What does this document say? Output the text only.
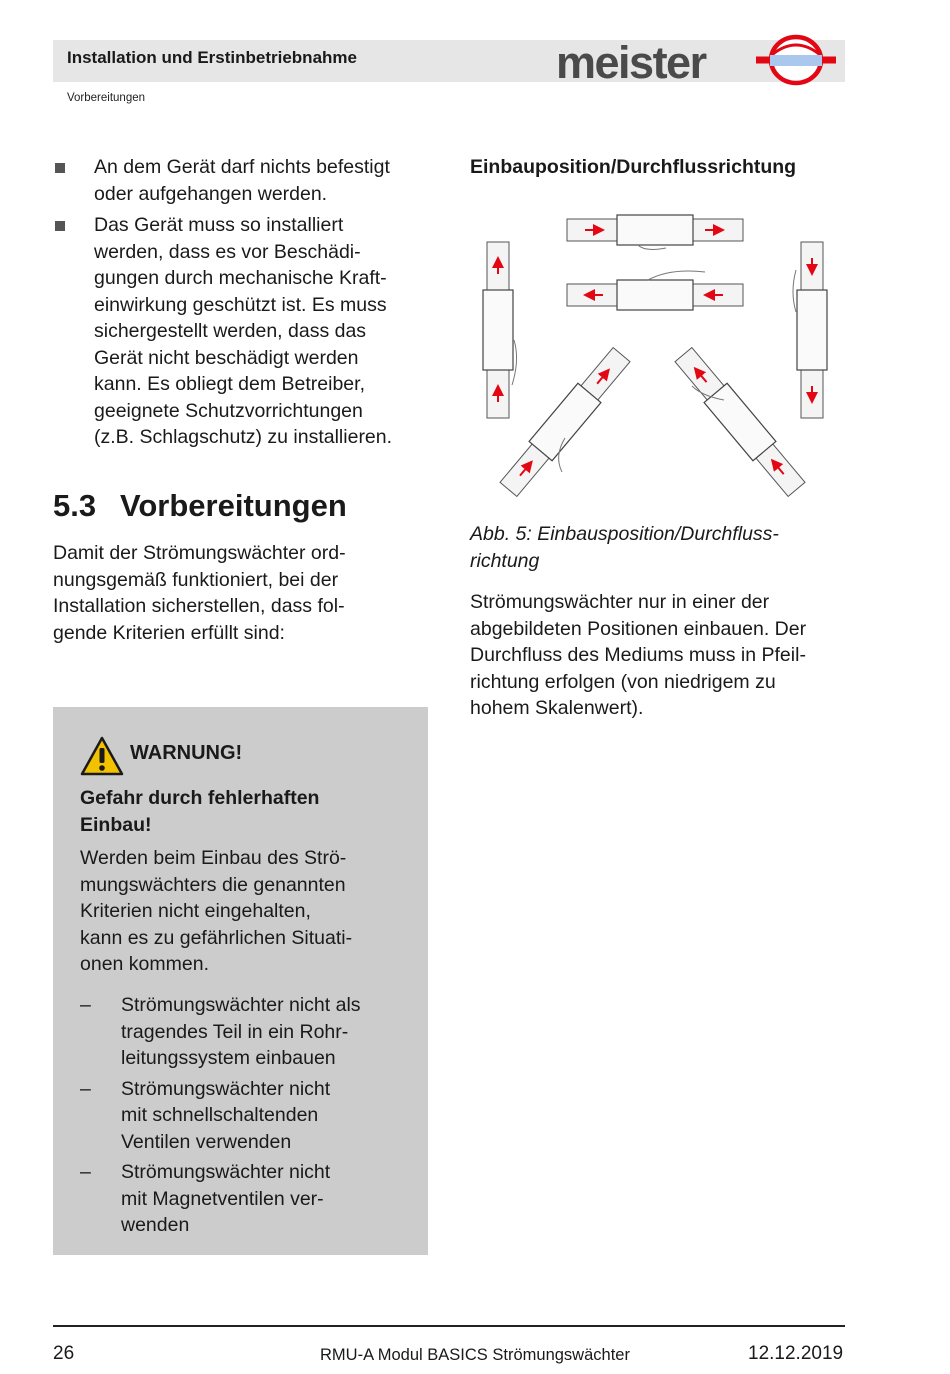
Installation und Erstinbetriebnahme
Vorbereitungen
meister
An dem Gerät darf nichts befestigt
oder aufgehangen werden.
Das Gerät muss so installiert
werden, dass es vor Beschädi-
gungen durch mechanische Kraft-
einwirkung geschützt ist. Es muss
sichergestellt werden, dass das
Gerät nicht beschädigt werden
kann. Es obliegt dem Betreiber,
geeignete Schutzvorrichtungen
(z.B. Schlagschutz) zu installieren.
5.3 Vorbereitungen
Damit der Strömungswächter ord-
nungsgemäß funktioniert, bei der
Installation sicherstellen, dass fol-
gende Kriterien erfüllt sind:
WARNUNG!
Gefahr durch fehlerhaften
Einbau!
Werden beim Einbau des Strö-
mungswächters die genannten
Kriterien nicht eingehalten,
kann es zu gefährlichen Situati-
onen kommen.
– Strömungswächter nicht als
tragendes Teil in ein Rohr-
leitungssystem einbauen
– Strömungswächter nicht
mit schnellschaltenden
Ventilen verwenden
– Strömungswächter nicht
mit Magnetventilen ver-
wenden
Einbauposition/Durchflussrichtung
Abb. 5: Einbausposition/Durchfluss-
richtung
Strömungswächter nur in einer der
abgebildeten Positionen einbauen. Der
Durchfluss des Mediums muss in Pfeil-
richtung erfolgen (von niedrigem zu
hohem Skalenwert).
26	RMU-A Modul BASICS Strömungswächter	12.12.2019
